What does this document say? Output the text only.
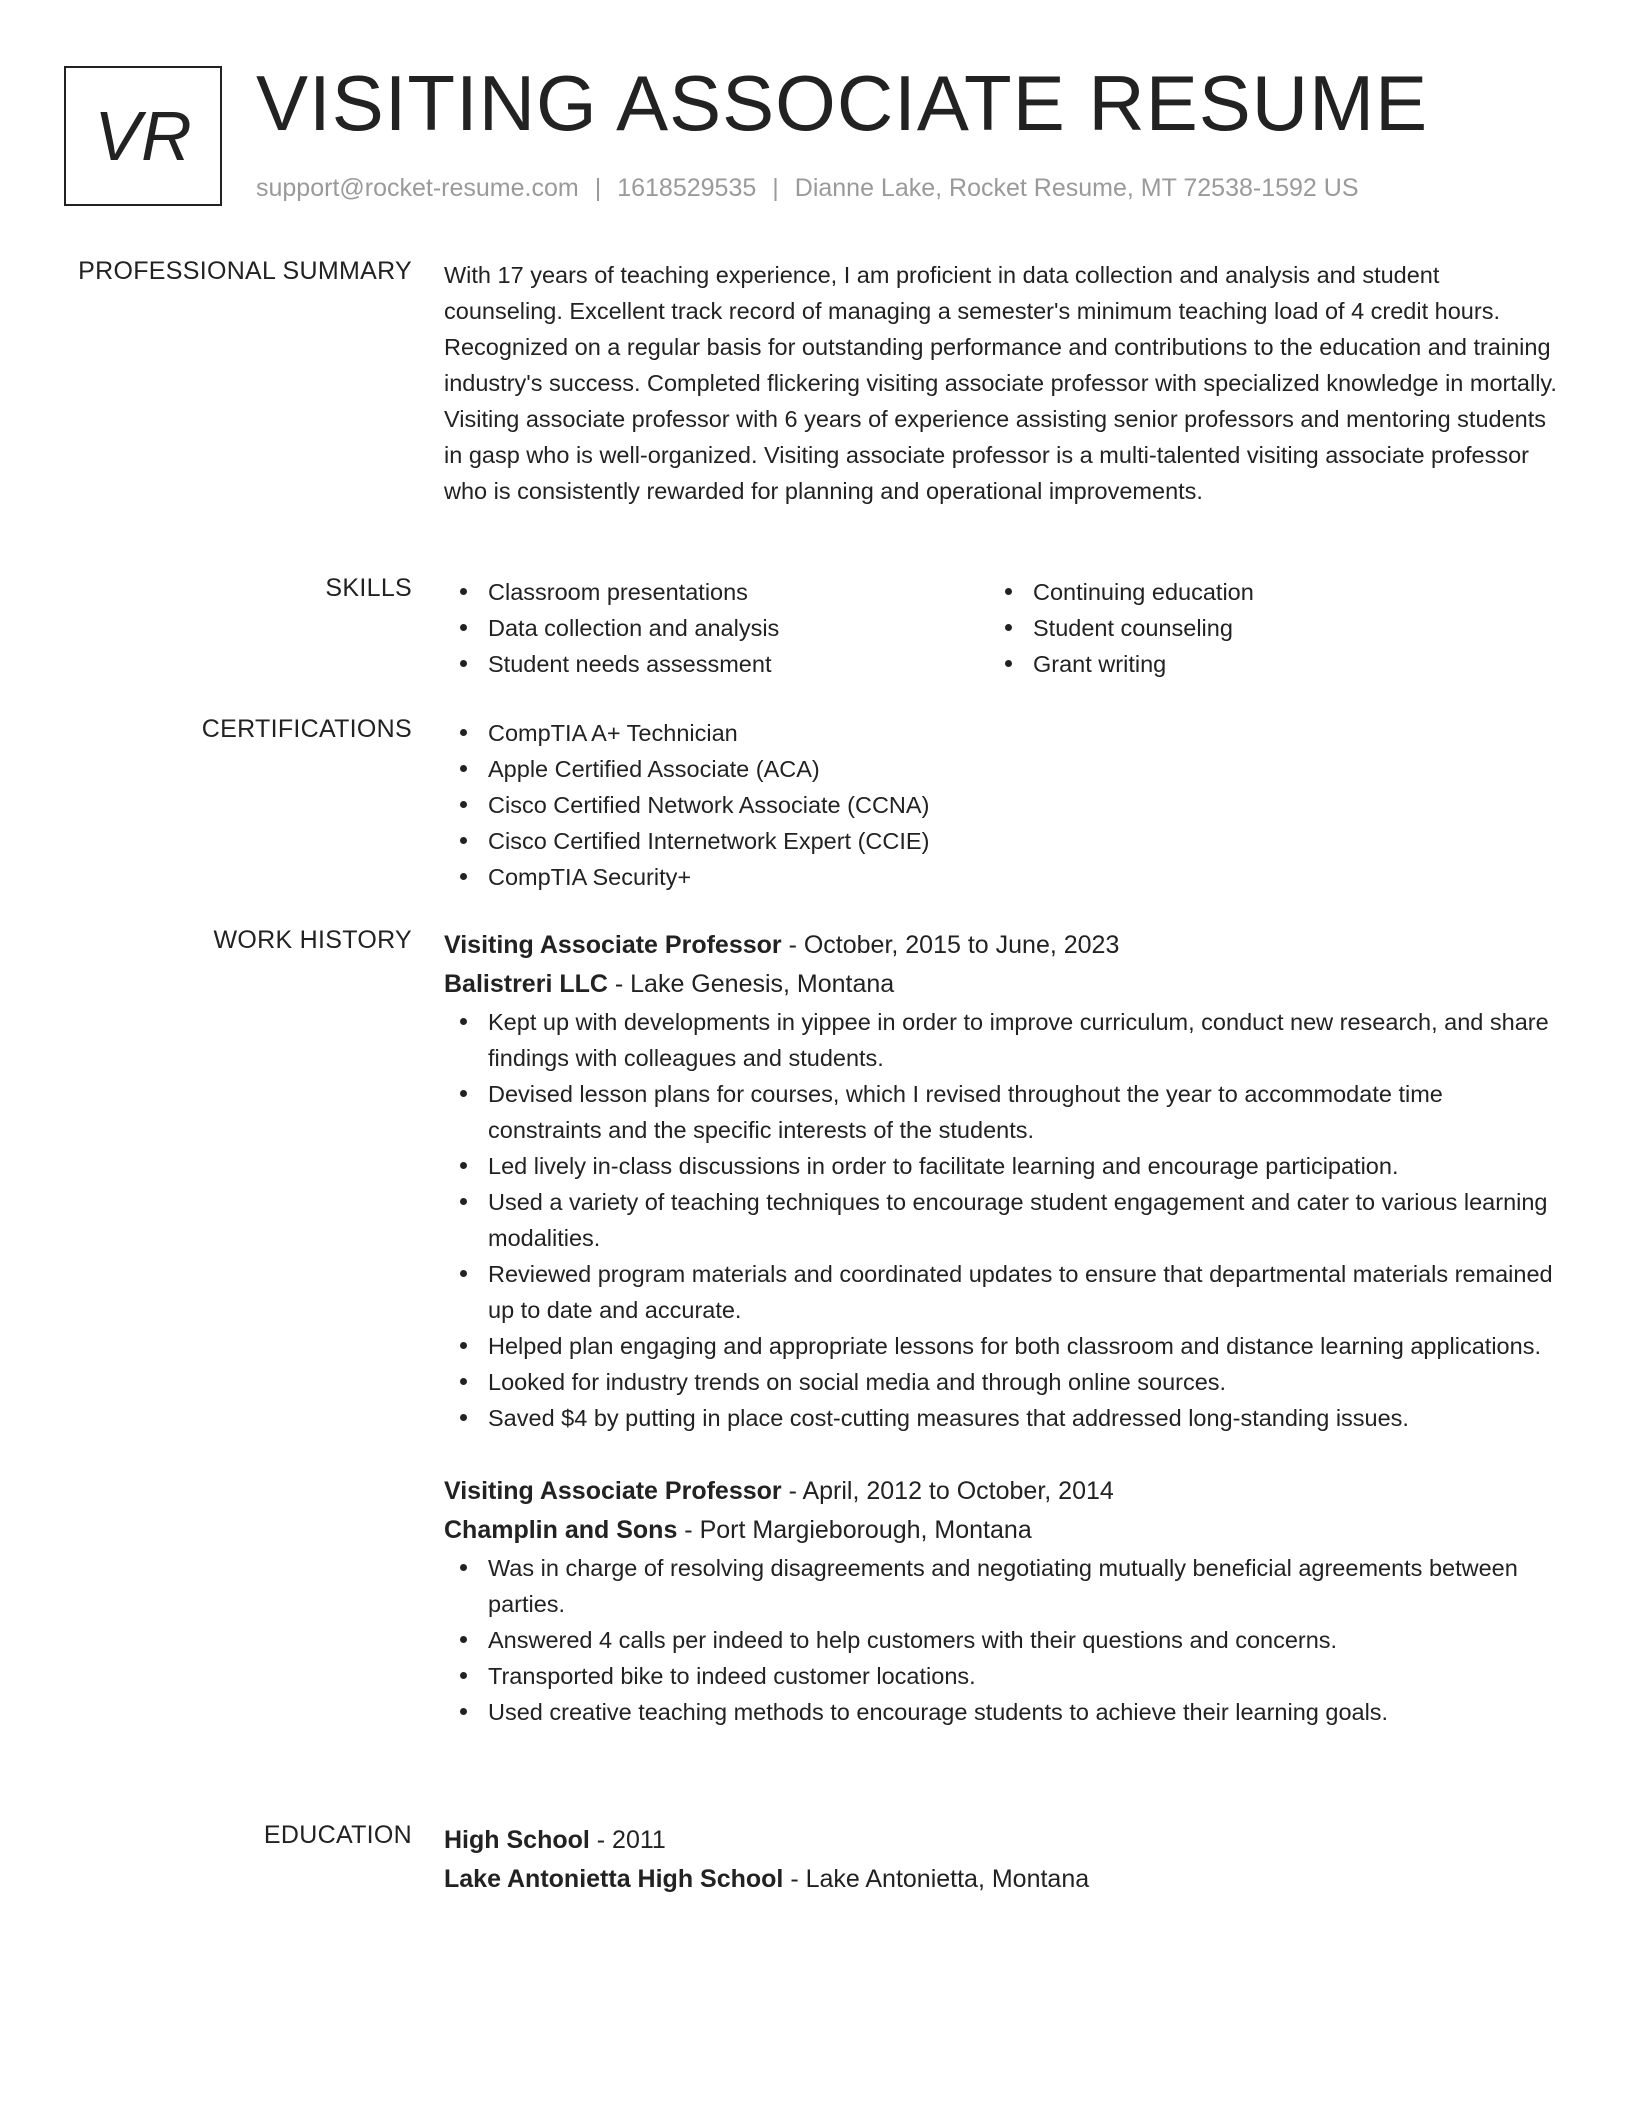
VR VISITING ASSOCIATE RESUME
support@rocket-resume.com | 1618529535 | Dianne Lake, Rocket Resume, MT 72538-1592 US
PROFESSIONAL SUMMARY With 17 years of teaching experience, I am proficient in data collection and analysis and student counseling. Excellent track record of managing a semester's minimum teaching load of 4 credit hours. Recognized on a regular basis for outstanding performance and contributions to the education and training industry's success. Completed flickering visiting associate professor with specialized knowledge in mortally. Visiting associate professor with 6 years of experience assisting senior professors and mentoring students in gasp who is well-organized. Visiting associate professor is a multi-talented visiting associate professor who is consistently rewarded for planning and operational improvements.

SKILLS	Classroom presentations
Data collection and analysis
Student needs assessment
Continuing education
Student counseling
Grant writing
CERTIFICATIONS	CompTIA A+ Technician
Apple Certified Associate (ACA)
Cisco Certified Network Associate (CCNA)
Cisco Certified Internetwork Expert (CCIE)
CompTIA Security+
WORK HISTORY Visiting Associate Professor - October, 2015 to June, 2023
Balistreri LLC - Lake Genesis, Montana
Kept up with developments in yippee in order to improve curriculum, conduct new research, and share findings with colleagues and students.
Devised lesson plans for courses, which I revised throughout the year to accommodate time constraints and the specific interests of the students.
Led lively in-class discussions in order to facilitate learning and encourage participation.
Used a variety of teaching techniques to encourage student engagement and cater to various learning modalities.
Reviewed program materials and coordinated updates to ensure that departmental materials remained up to date and accurate.
Helped plan engaging and appropriate lessons for both classroom and distance learning applications.
Looked for industry trends on social media and through online sources.
Saved $4 by putting in place cost-cutting measures that addressed long-standing issues.
Visiting Associate Professor - April, 2012 to October, 2014
Champlin and Sons - Port Margieborough, Montana
Was in charge of resolving disagreements and negotiating mutually beneficial agreements between parties.
Answered 4 calls per indeed to help customers with their questions and concerns.
Transported bike to indeed customer locations.
Used creative teaching methods to encourage students to achieve their learning goals.
EDUCATION High School - 2011
Lake Antonietta High School - Lake Antonietta, Montana
